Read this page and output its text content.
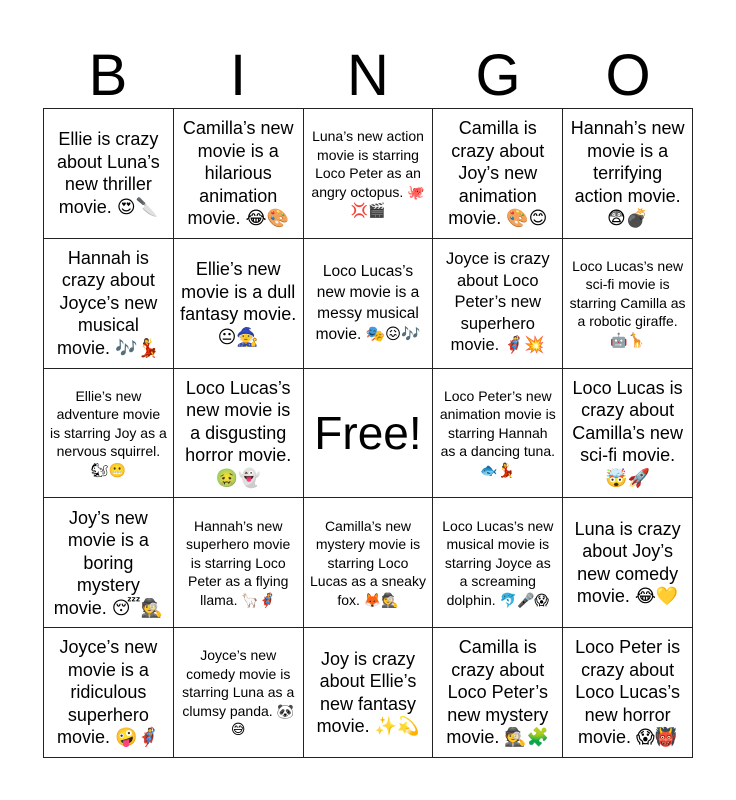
B	I	N	G	O
Ellie is crazy about Luna’s new thriller movie. 😍🔪
Camilla’s new movie is a hilarious animation movie. 😂🎨
Luna’s new action movie is starring Loco Peter as an angry octopus. 🐙💢🎬
Camilla is crazy about Joy’s new animation movie. 🎨😊
Hannah’s new movie is a terrifying action movie. 😨💣
Hannah is crazy about Joyce’s new musical movie. 🎶💃
Ellie’s new movie is a dull fantasy movie. 😐🧙
Loco Lucas’s new movie is a messy musical movie. 🎭😖🎶
Joyce is crazy about Loco Peter’s new superhero movie. 🦸💥
Loco Lucas’s new sci-fi movie is starring Camilla as a robotic giraffe. 🤖🦒
Ellie’s new adventure movie is starring Joy as a nervous squirrel. 🐿😬
Loco Lucas’s new movie is a disgusting horror movie. 🤢👻
Free!
Loco Peter’s new animation movie is starring Hannah as a dancing tuna. 🐟💃
Loco Lucas is crazy about Camilla’s new sci-fi movie. 🤯🚀
Joy’s new movie is a boring mystery movie. 😴🕵
Hannah’s new superhero movie is starring Loco Peter as a flying llama. 🦙🦸
Camilla’s new mystery movie is starring Loco Lucas as a sneaky fox. 🦊🕵
Loco Lucas’s new musical movie is starring Joyce as a screaming dolphin. 🐬🎤😱
Luna is crazy about Joy’s new comedy movie. 😂💛
Joyce’s new movie is a ridiculous superhero movie. 🤪🦸
Joyce’s new comedy movie is starring Luna as a clumsy panda. 🐼😅
Joy is crazy about Ellie’s new fantasy movie. ✨💫
Camilla is crazy about Loco Peter’s new mystery movie. 🕵🧩
Loco Peter is crazy about Loco Lucas’s new horror movie. 😱👹
